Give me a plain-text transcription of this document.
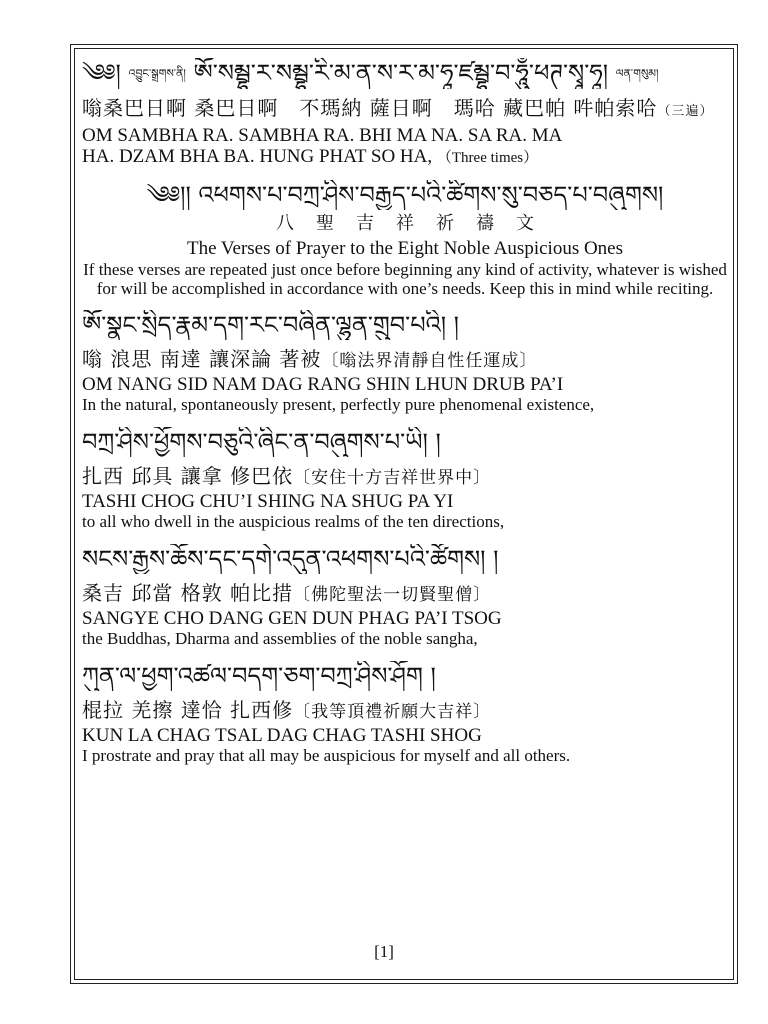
༄༅། འབྱུང་སྒྲགས་ནི། ཨོཾ་སམྦྷ་ར་སམྦྷ་ཪི་མ་ན་ས་ར་མ་ཧཱ་ཛམྦྷ་བ་ཧཱུྃ་ཕཊ་སྭཱ་ཧཱ། ལན་གསུམ།
嗡桑巴日啊 桑巴日啊　不瑪納 薩日啊　瑪哈 藏巴帕 吽帕索哈（三遍）
OM SAMBHA RA. SAMBHA RA. BHI MA NA. SA RA. MA
HA. DZAM BHA BA. HUNG PHAT SO HA, （Three times）
༄༅།། འཕགས་པ་བཀྲ་ཤིས་བརྒྱད་པའི་ཚིགས་སུ་བཅད་པ་བཞུགས།
八聖吉祥祈禱文
The Verses of Prayer to the Eight Noble Auspicious Ones
If these verses are repeated just once before beginning any kind of activity, whatever is wished for will be accomplished in accordance with one’s needs. Keep this in mind while reciting.
ཨོཾ་སྣང་སྲིད་རྣམ་དག་རང་བཞིན་ལྷུན་གྲུབ་པའི། །
嗡 浪思 南達 讓深論 著被〔嗡法界清靜自性任運成〕
OM NANG SID NAM DAG RANG SHIN LHUN DRUB PA’I
In the natural, spontaneously present, perfectly pure phenomenal existence,
བཀྲ་ཤིས་ཕྱོགས་བཅུའི་ཞིང་ན་བཞུགས་པ་ཡི། །
扎西 邱具 讓拿 修巴依〔安住十方吉祥世界中〕
TASHI CHOG CHU’I SHING NA SHUG PA YI
to all who dwell in the auspicious realms of the ten directions,
སངས་རྒྱས་ཆོས་དང་དགེ་འདུན་འཕགས་པའི་ཚོགས། །
桑吉 邱當 格敦 帕比措〔佛陀聖法一切賢聖僧〕
SANGYE CHO DANG GEN DUN PHAG PA’I TSOG
the Buddhas, Dharma and assemblies of the noble sangha,
ཀུན་ལ་ཕྱག་འཚལ་བདག་ཅག་བཀྲ་ཤིས་ཤོག །
棍拉 羌擦 達恰 扎西修〔我等頂禮祈願大吉祥〕
KUN LA CHAG TSAL DAG CHAG TASHI SHOG
I prostrate and pray that all may be auspicious for myself and all others.
[1]
